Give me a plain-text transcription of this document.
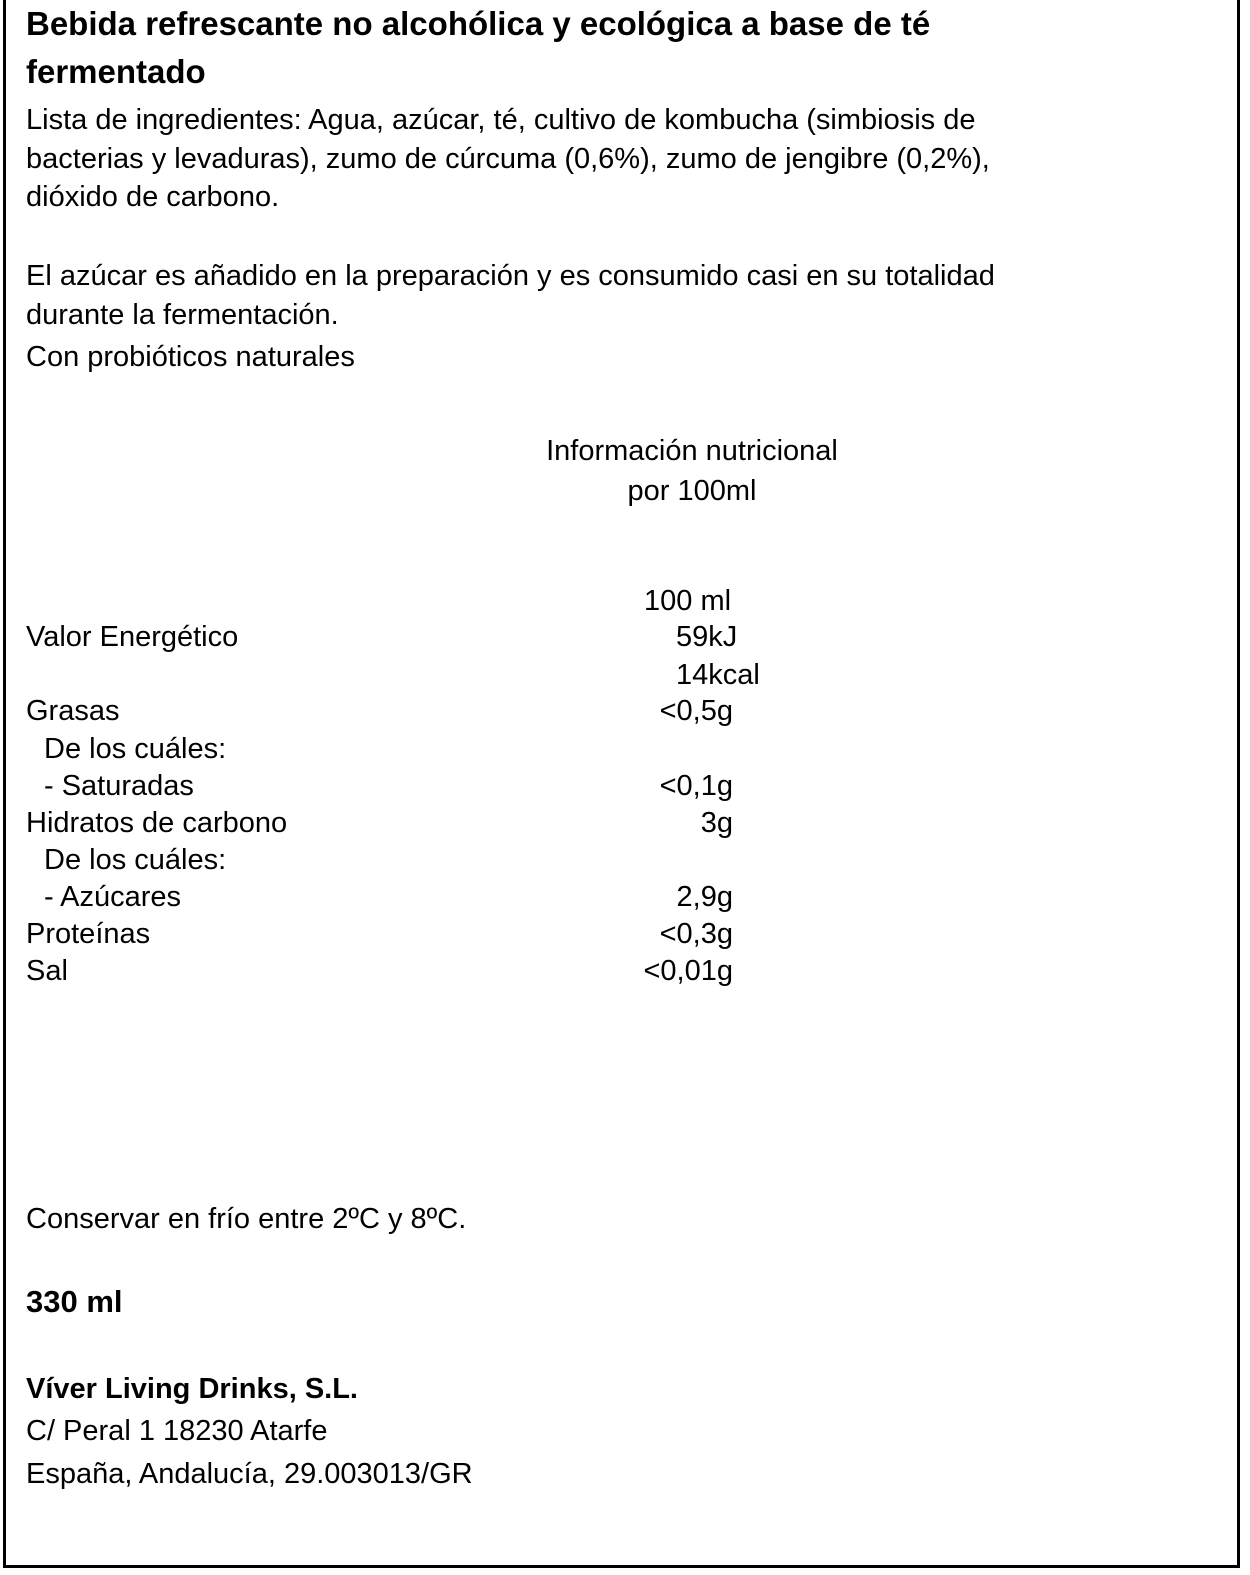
Bebida refrescante no alcohólica y ecológica a base de té
fermentado
Lista de ingredientes: Agua, azúcar, té, cultivo de kombucha (simbiosis de
bacterias y levaduras), zumo de cúrcuma (0,6%), zumo de jengibre (0,2%),
dióxido de carbono.
El azúcar es añadido en la preparación y es consumido casi en su totalidad
durante la fermentación.
Con probióticos naturales
Información nutricional
por 100ml
100 ml
Valor Energético	59kJ
14kcal
Grasas	<0,5g
De los cuáles:
- Saturadas	<0,1g
Hidratos de carbono	3g
De los cuáles:
- Azúcares	2,9g
Proteínas	<0,3g
Sal	<0,01g
Conservar en frío entre 2ºC y 8ºC.
330 ml
Víver Living Drinks, S.L.
C/ Peral 1 18230 Atarfe
España, Andalucía, 29.003013/GR
